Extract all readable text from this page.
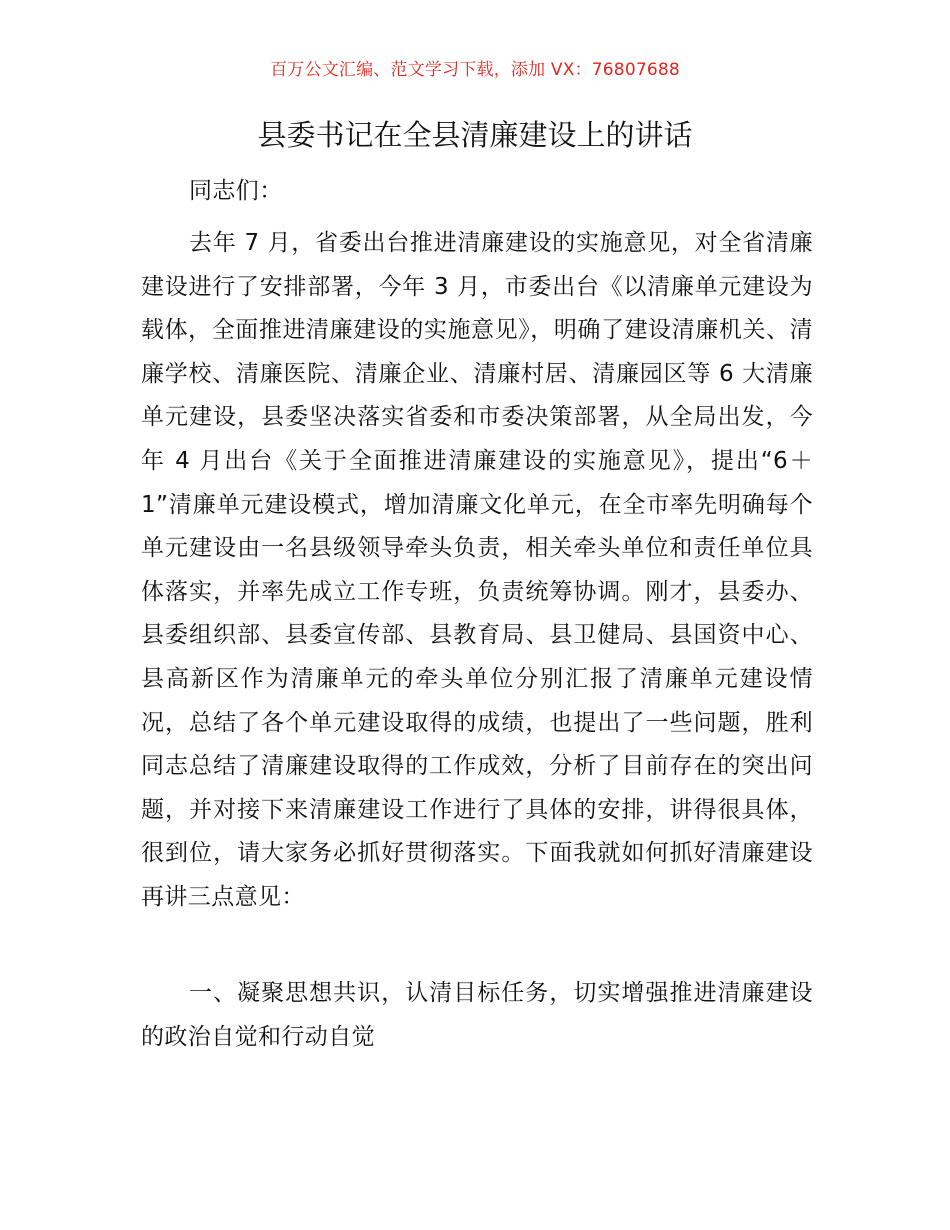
百万公文汇编、范文学习下载，添加 VX：76807688
县委书记在全县清廉建设上的讲话

同志们：

去年 7 月，省委出台推进清廉建设的实施意见，对全省清廉建设进行了安排部署，今年 3 月，市委出台《以清廉单元建设为载体，全面推进清廉建设的实施意见》，明确了建设清廉机关、清廉学校、清廉医院、清廉企业、清廉村居、清廉园区等 6 大清廉单元建设，县委坚决落实省委和市委决策部署，从全局出发，今年 4 月出台《关于全面推进清廉建设的实施意见》，提出“6＋1”清廉单元建设模式，增加清廉文化单元，在全市率先明确每个单元建设由一名县级领导牵头负责，相关牵头单位和责任单位具体落实，并率先成立工作专班，负责统筹协调。刚才，县委办、县委组织部、县委宣传部、县教育局、县卫健局、县国资中心、县高新区作为清廉单元的牵头单位分别汇报了清廉单元建设情况，总结了各个单元建设取得的成绩，也提出了一些问题，胜利同志总结了清廉建设取得的工作成效，分析了目前存在的突出问题，并对接下来清廉建设工作进行了具体的安排，讲得很具体，很到位，请大家务必抓好贯彻落实。下面我就如何抓好清廉建设再讲三点意见：

一、凝聚思想共识，认清目标任务，切实增强推进清廉建设的政治自觉和行动自觉
